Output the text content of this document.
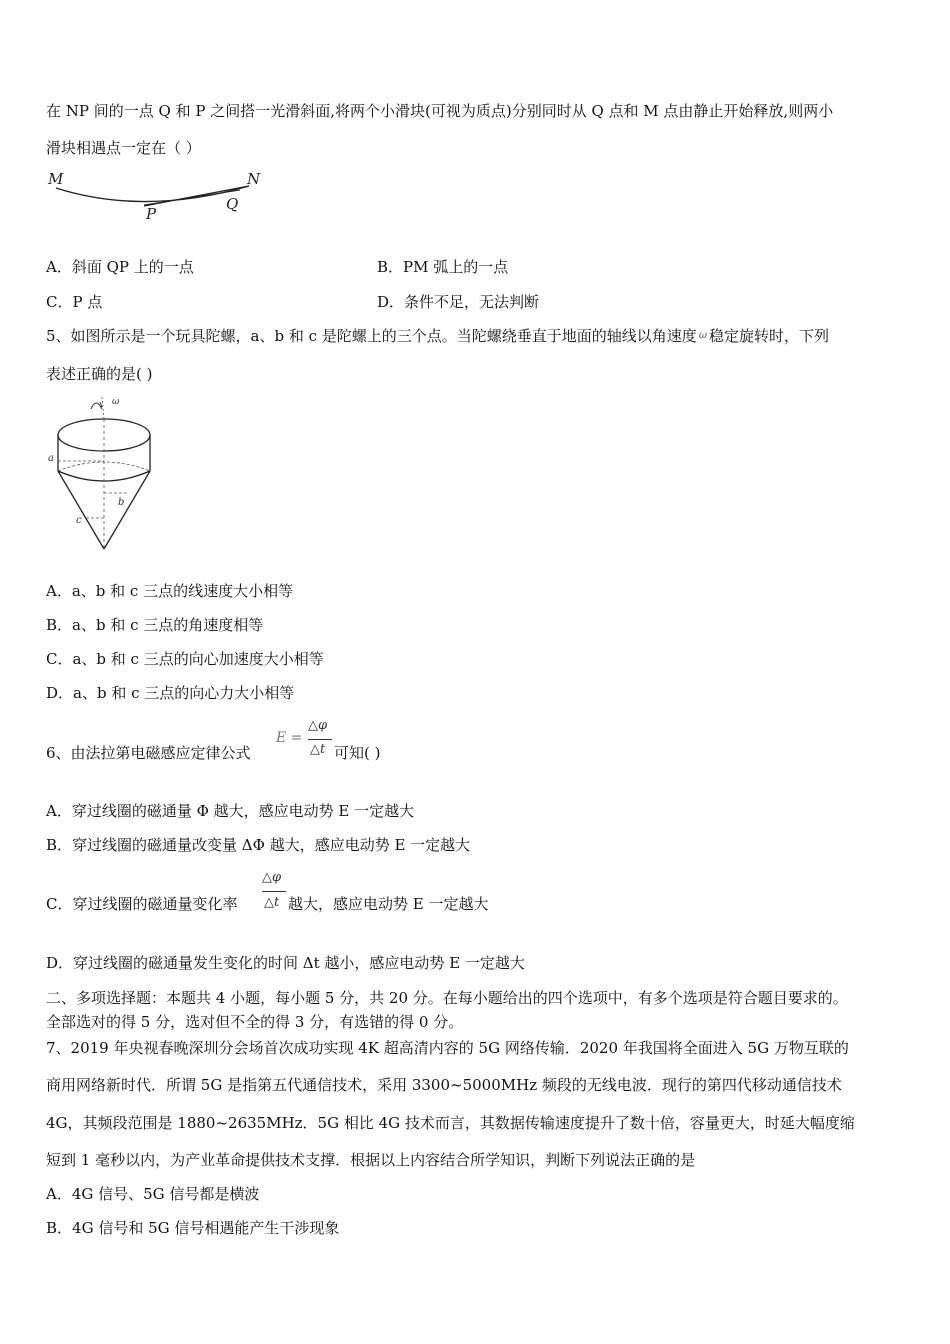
在 NP 间的一点 Q 和 P 之间搭一光滑斜面,将两个小滑块(可视为质点)分别同时从 Q 点和 M 点由静止开始释放,则两小
滑块相遇点一定在（ ）
M	N
P
Q
A．斜面 QP 上的一点	B．PM 弧上的一点
C．P 点	D．条件不足，无法判断
5、如图所示是一个玩具陀螺，a、b 和 c 是陀螺上的三个点。当陀螺绕垂直于地面的轴线以角速度 $^\omega$ 稳定旋转时，下列
表述正确的是( )
ω
a
b
c
A．a、b 和 c 三点的线速度大小相等
B．a、b 和 c 三点的角速度相等
C．a、b 和 c 三点的向心加速度大小相等
D．a、b 和 c 三点的向心力大小相等
6、由法拉第电磁感应定律公式
E =
△φ
△t 可知( )
A．穿过线圈的磁通量 Φ 越大，感应电动势 E 一定越大
B．穿过线圈的磁通量改变量 ΔΦ 越大，感应电动势 E 一定越大
C．穿过线圈的磁通量变化率
△φ
△t 越大，感应电动势 E 一定越大
D．穿过线圈的磁通量发生变化的时间 Δt 越小，感应电动势 E 一定越大
二、多项选择题：本题共 4 小题，每小题 5 分，共 20 分。在每小题给出的四个选项中，有多个选项是符合题目要求的。
全部选对的得 5 分，选对但不全的得 3 分，有选错的得 0 分。
7、2019 年央视春晚深圳分会场首次成功实现 4K 超高清内容的 5G 网络传输．2020 年我国将全面进入 5G 万物互联的
商用网络新时代．所谓 5G 是指第五代通信技术，采用 3300~5000MHz 频段的无线电波．现行的第四代移动通信技术
4G，其频段范围是 1880~2635MHz．5G 相比 4G 技术而言，其数据传输速度提升了数十倍，容量更大，时延大幅度缩
短到 1 毫秒以内，为产业革命提供技术支撑．根据以上内容结合所学知识，判断下列说法正确的是
A．4G 信号、5G 信号都是横波
B．4G 信号和 5G 信号相遇能产生干涉现象
